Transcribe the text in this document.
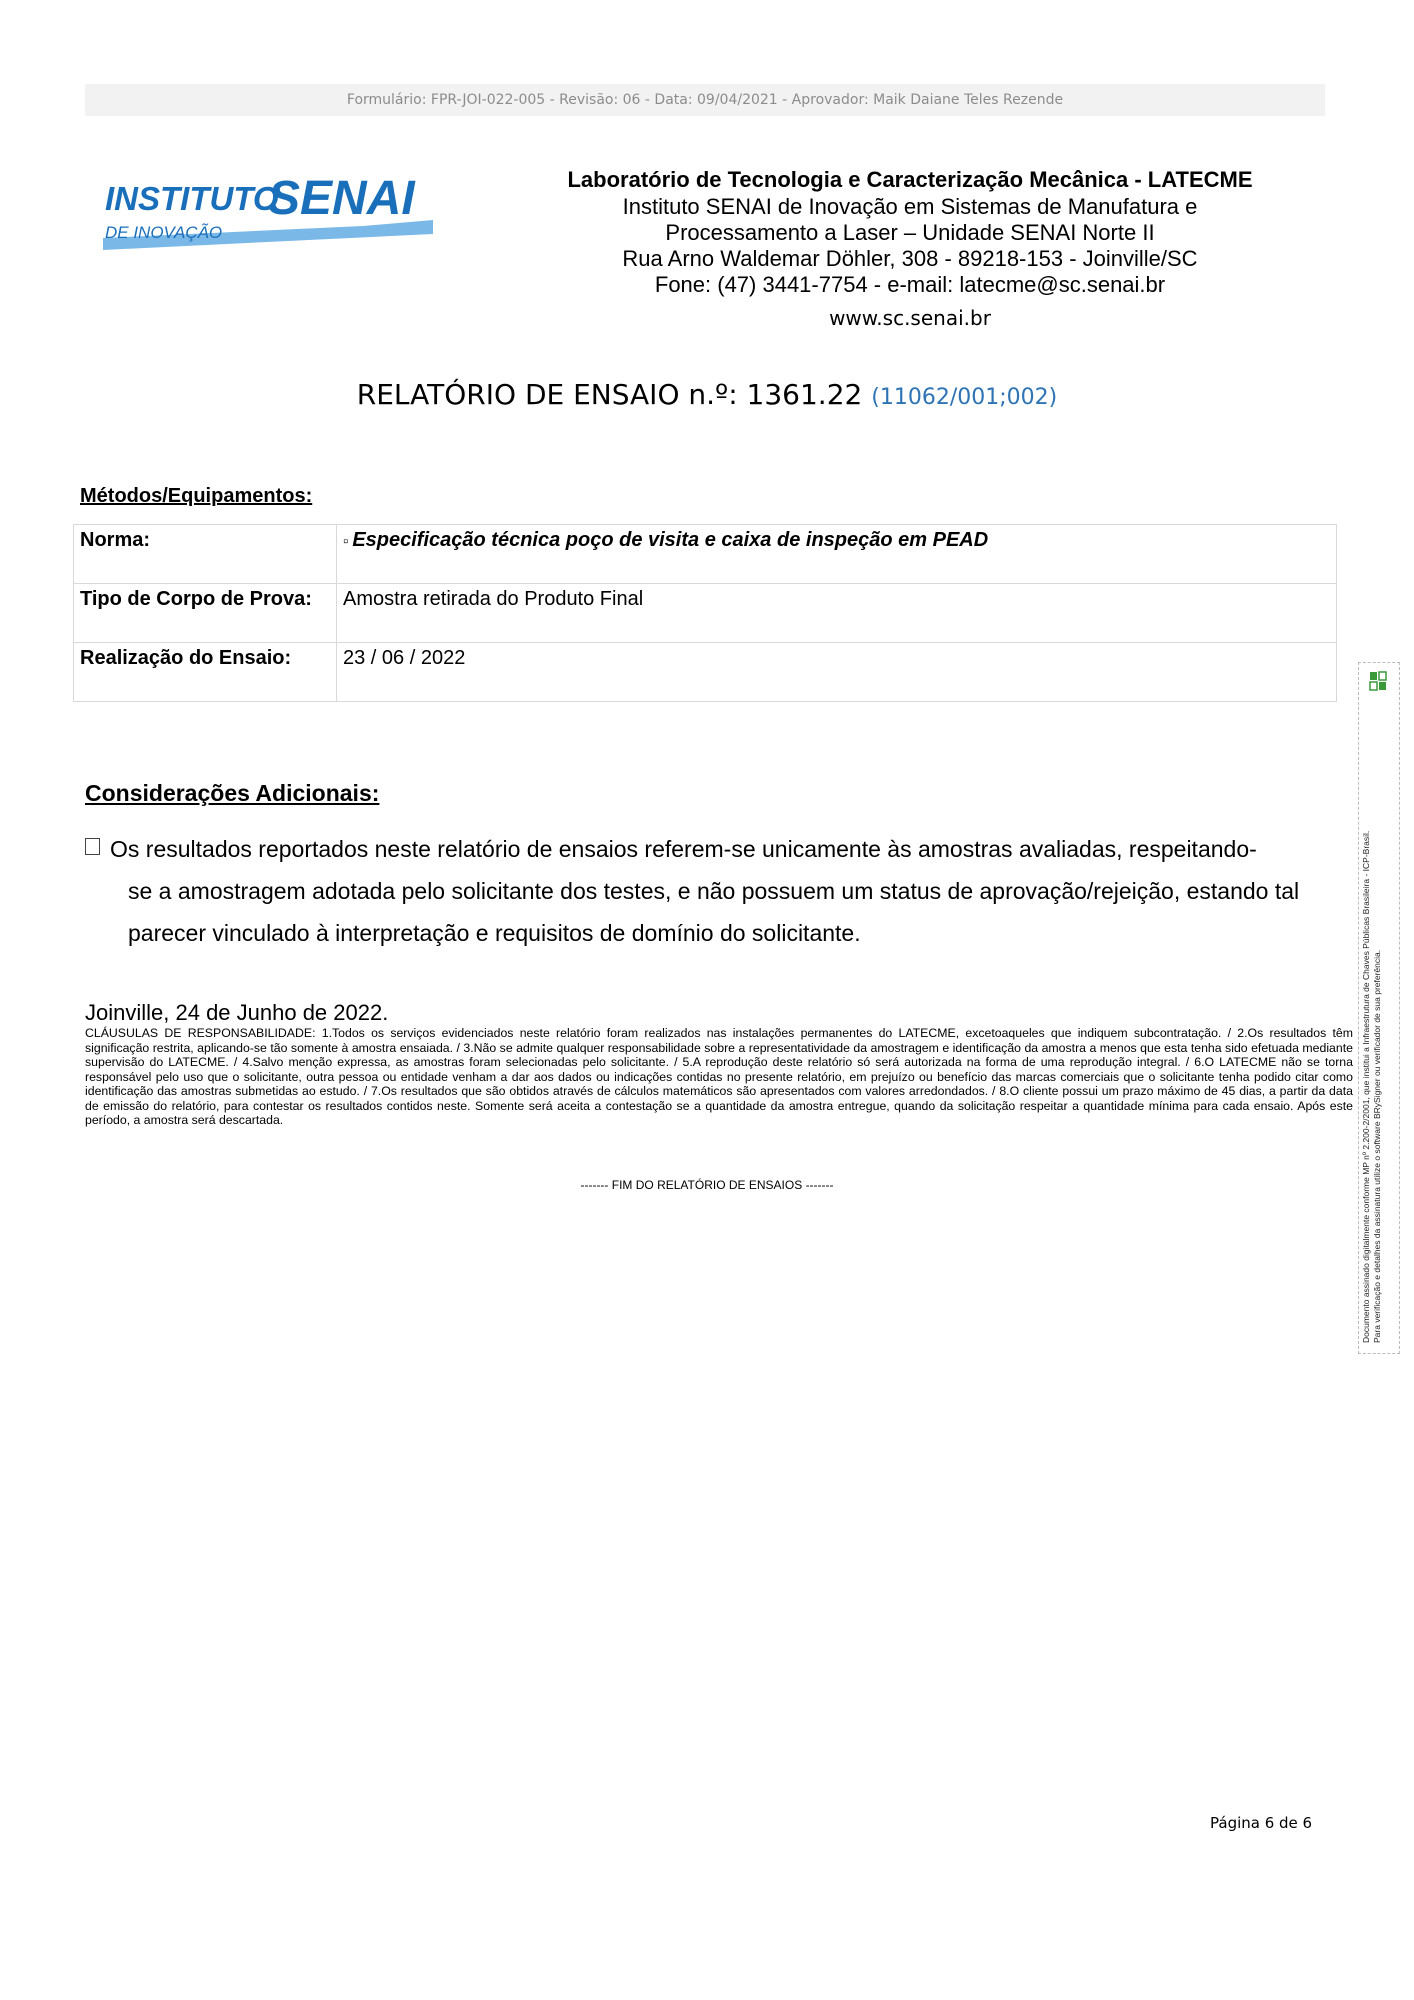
Formulário: FPR-JOI-022-005 - Revisão: 06 - Data: 09/04/2021 - Aprovador: Maik Daiane Teles Rezende
INSTITUTO
SENAI
DE INOVAÇÃO
Laboratório de Tecnologia e Caracterização Mecânica - LATECME
Instituto SENAI de Inovação em Sistemas de Manufatura e
Processamento a Laser – Unidade SENAI Norte II
Rua Arno Waldemar Döhler, 308 - 89218-153 - Joinville/SC
Fone: (47) 3441-7754 - e-mail: latecme@sc.senai.br
www.sc.senai.br
RELATÓRIO DE ENSAIO n.º: 1361.22 (11062/001;002)
Métodos/Equipamentos:
Norma:	▫ Especificação técnica poço de visita e caixa de inspeção em PEAD
Tipo de Corpo de Prova:	Amostra retirada do Produto Final
Realização do Ensaio:	23 / 06 / 2022
Considerações Adicionais:
Os resultados reportados neste relatório de ensaios referem-se unicamente às amostras avaliadas, respeitando-
se a amostragem adotada pelo solicitante dos testes, e não possuem um status de aprovação/rejeição, estando tal
parecer vinculado à interpretação e requisitos de domínio do solicitante.
Joinville, 24 de Junho de 2022.
CLÁUSULAS DE RESPONSABILIDADE: 1.Todos os serviços evidenciados neste relatório foram realizados nas instalações permanentes do LATECME, excetoaqueles que indiquem subcontratação. / 2.Os resultados têm significação restrita, aplicando-se tão somente à amostra ensaiada. / 3.Não se admite qualquer responsabilidade sobre a representatividade da amostragem e identificação da amostra a menos que esta tenha sido efetuada mediante supervisão do LATECME. / 4.Salvo menção expressa, as amostras foram selecionadas pelo solicitante. / 5.A reprodução deste relatório só será autorizada na forma de uma reprodução integral. / 6.O LATECME não se torna responsável pelo uso que o solicitante, outra pessoa ou entidade venham a dar aos dados ou indicações contidas no presente relatório, em prejuízo ou benefício das marcas comerciais que o solicitante tenha podido citar como identificação das amostras submetidas ao estudo. / 7.Os resultados que são obtidos através de cálculos matemáticos são apresentados com valores arredondados. / 8.O cliente possui um prazo máximo de 45 dias, a partir da data de emissão do relatório, para contestar os resultados contidos neste. Somente será aceita a contestação se a quantidade da amostra entregue, quando da solicitação respeitar a quantidade mínima para cada ensaio. Após este período, a amostra será descartada.
------- FIM DO RELATÓRIO DE ENSAIOS -------
Página 6 de 6
Documento assinado digitalmente conforme MP nº 2.200-2/2001, que institui a Infraestrutura de Chaves Públicas Brasileira - ICP-Brasil. Para verificação e detalhes da assinatura utilize o software BRySigner ou verificador de sua preferência.
